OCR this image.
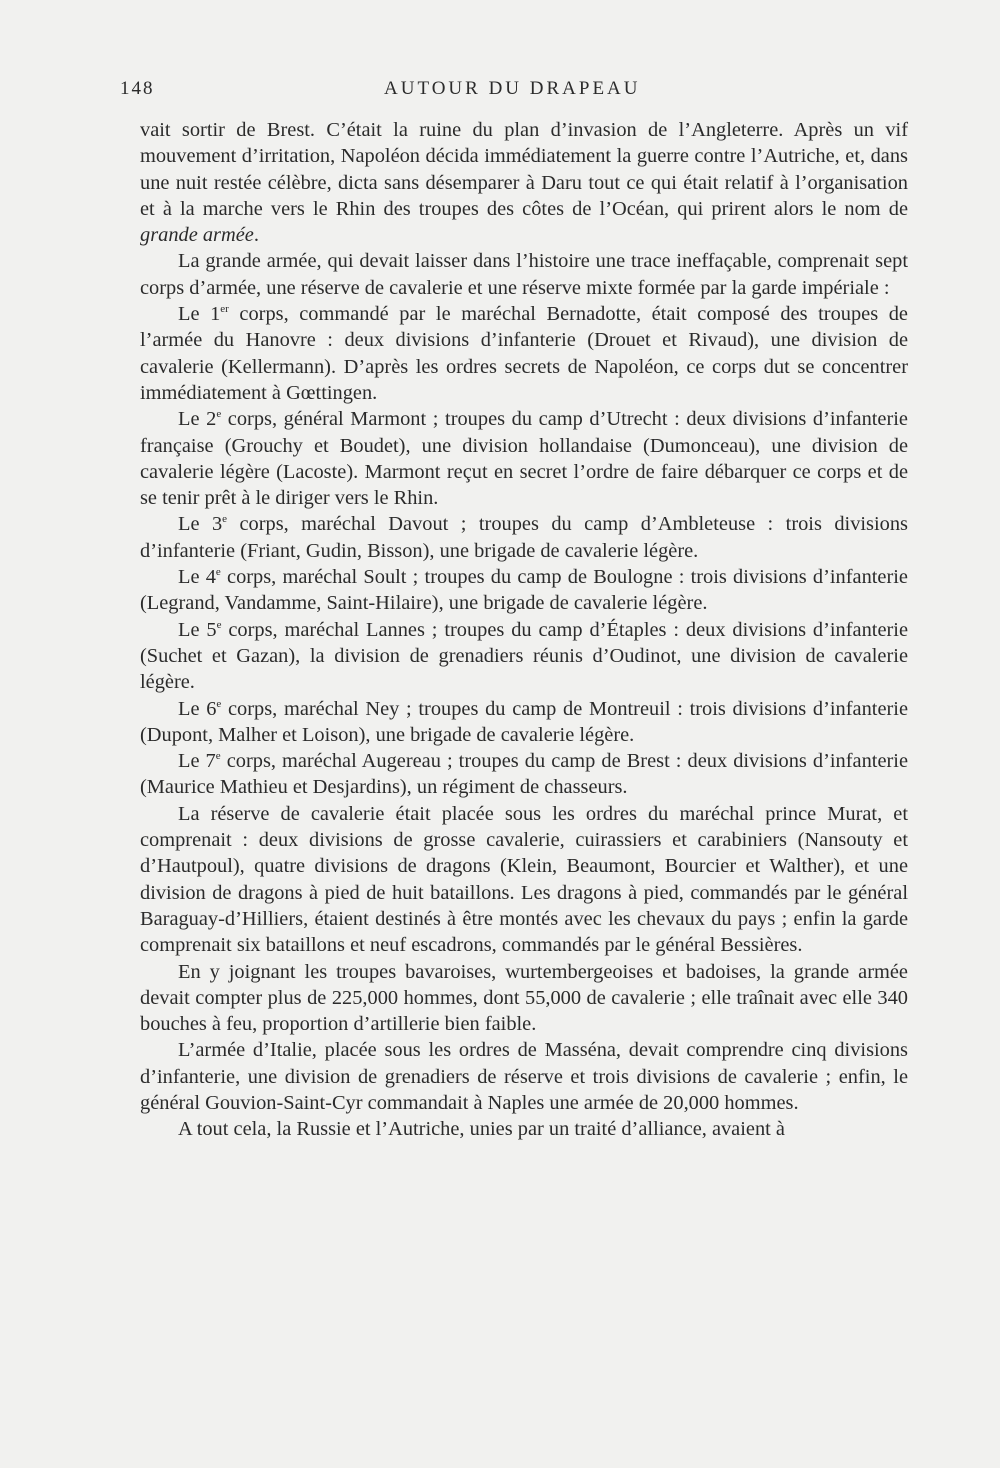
148	AUTOUR DU DRAPEAU

vait sortir de Brest. C’était la ruine du plan d’invasion de l’Angleterre. Après un vif mouvement d’irritation, Napoléon décida immédiatement la guerre contre l’Autriche, et, dans une nuit restée célèbre, dicta sans désemparer à Daru tout ce qui était relatif à l’organisation et à la marche vers le Rhin des troupes des côtes de l’Océan, qui prirent alors le nom de grande armée.

La grande armée, qui devait laisser dans l’histoire une trace ineffaçable, comprenait sept corps d’armée, une réserve de cavalerie et une réserve mixte formée par la garde impériale :

Le 1er corps, commandé par le maréchal Bernadotte, était composé des troupes de l’armée du Hanovre : deux divisions d’infanterie (Drouet et Rivaud), une division de cavalerie (Kellermann). D’après les ordres secrets de Napoléon, ce corps dut se concentrer immédiatement à Gœttingen.

Le 2e corps, général Marmont ; troupes du camp d’Utrecht : deux divisions d’infanterie française (Grouchy et Boudet), une division hollandaise (Dumonceau), une division de cavalerie légère (Lacoste). Marmont reçut en secret l’ordre de faire débarquer ce corps et de se tenir prêt à le diriger vers le Rhin.

Le 3e corps, maréchal Davout ; troupes du camp d’Ambleteuse : trois divisions d’infanterie (Friant, Gudin, Bisson), une brigade de cavalerie légère.

Le 4e corps, maréchal Soult ; troupes du camp de Boulogne : trois divisions d’infanterie (Legrand, Vandamme, Saint-Hilaire), une brigade de cavalerie légère.

Le 5e corps, maréchal Lannes ; troupes du camp d’Étaples : deux divisions d’infanterie (Suchet et Gazan), la division de grenadiers réunis d’Oudinot, une division de cavalerie légère.

Le 6e corps, maréchal Ney ; troupes du camp de Montreuil : trois divisions d’infanterie (Dupont, Malher et Loison), une brigade de cavalerie légère.

Le 7e corps, maréchal Augereau ; troupes du camp de Brest : deux divisions d’infanterie (Maurice Mathieu et Desjardins), un régiment de chasseurs.

La réserve de cavalerie était placée sous les ordres du maréchal prince Murat, et comprenait : deux divisions de grosse cavalerie, cuirassiers et carabiniers (Nansouty et d’Hautpoul), quatre divisions de dragons (Klein, Beaumont, Bourcier et Walther), et une division de dragons à pied de huit bataillons. Les dragons à pied, commandés par le général Baraguay-d’Hilliers, étaient destinés à être montés avec les chevaux du pays ; enfin la garde comprenait six bataillons et neuf escadrons, commandés par le général Bessières.

En y joignant les troupes bavaroises, wurtembergeoises et badoises, la grande armée devait compter plus de 225,000 hommes, dont 55,000 de cavalerie ; elle traînait avec elle 340 bouches à feu, proportion d’artillerie bien faible.

L’armée d’Italie, placée sous les ordres de Masséna, devait comprendre cinq divisions d’infanterie, une division de grenadiers de réserve et trois divisions de cavalerie ; enfin, le général Gouvion-Saint-Cyr commandait à Naples une armée de 20,000 hommes.

A tout cela, la Russie et l’Autriche, unies par un traité d’alliance, avaient à
